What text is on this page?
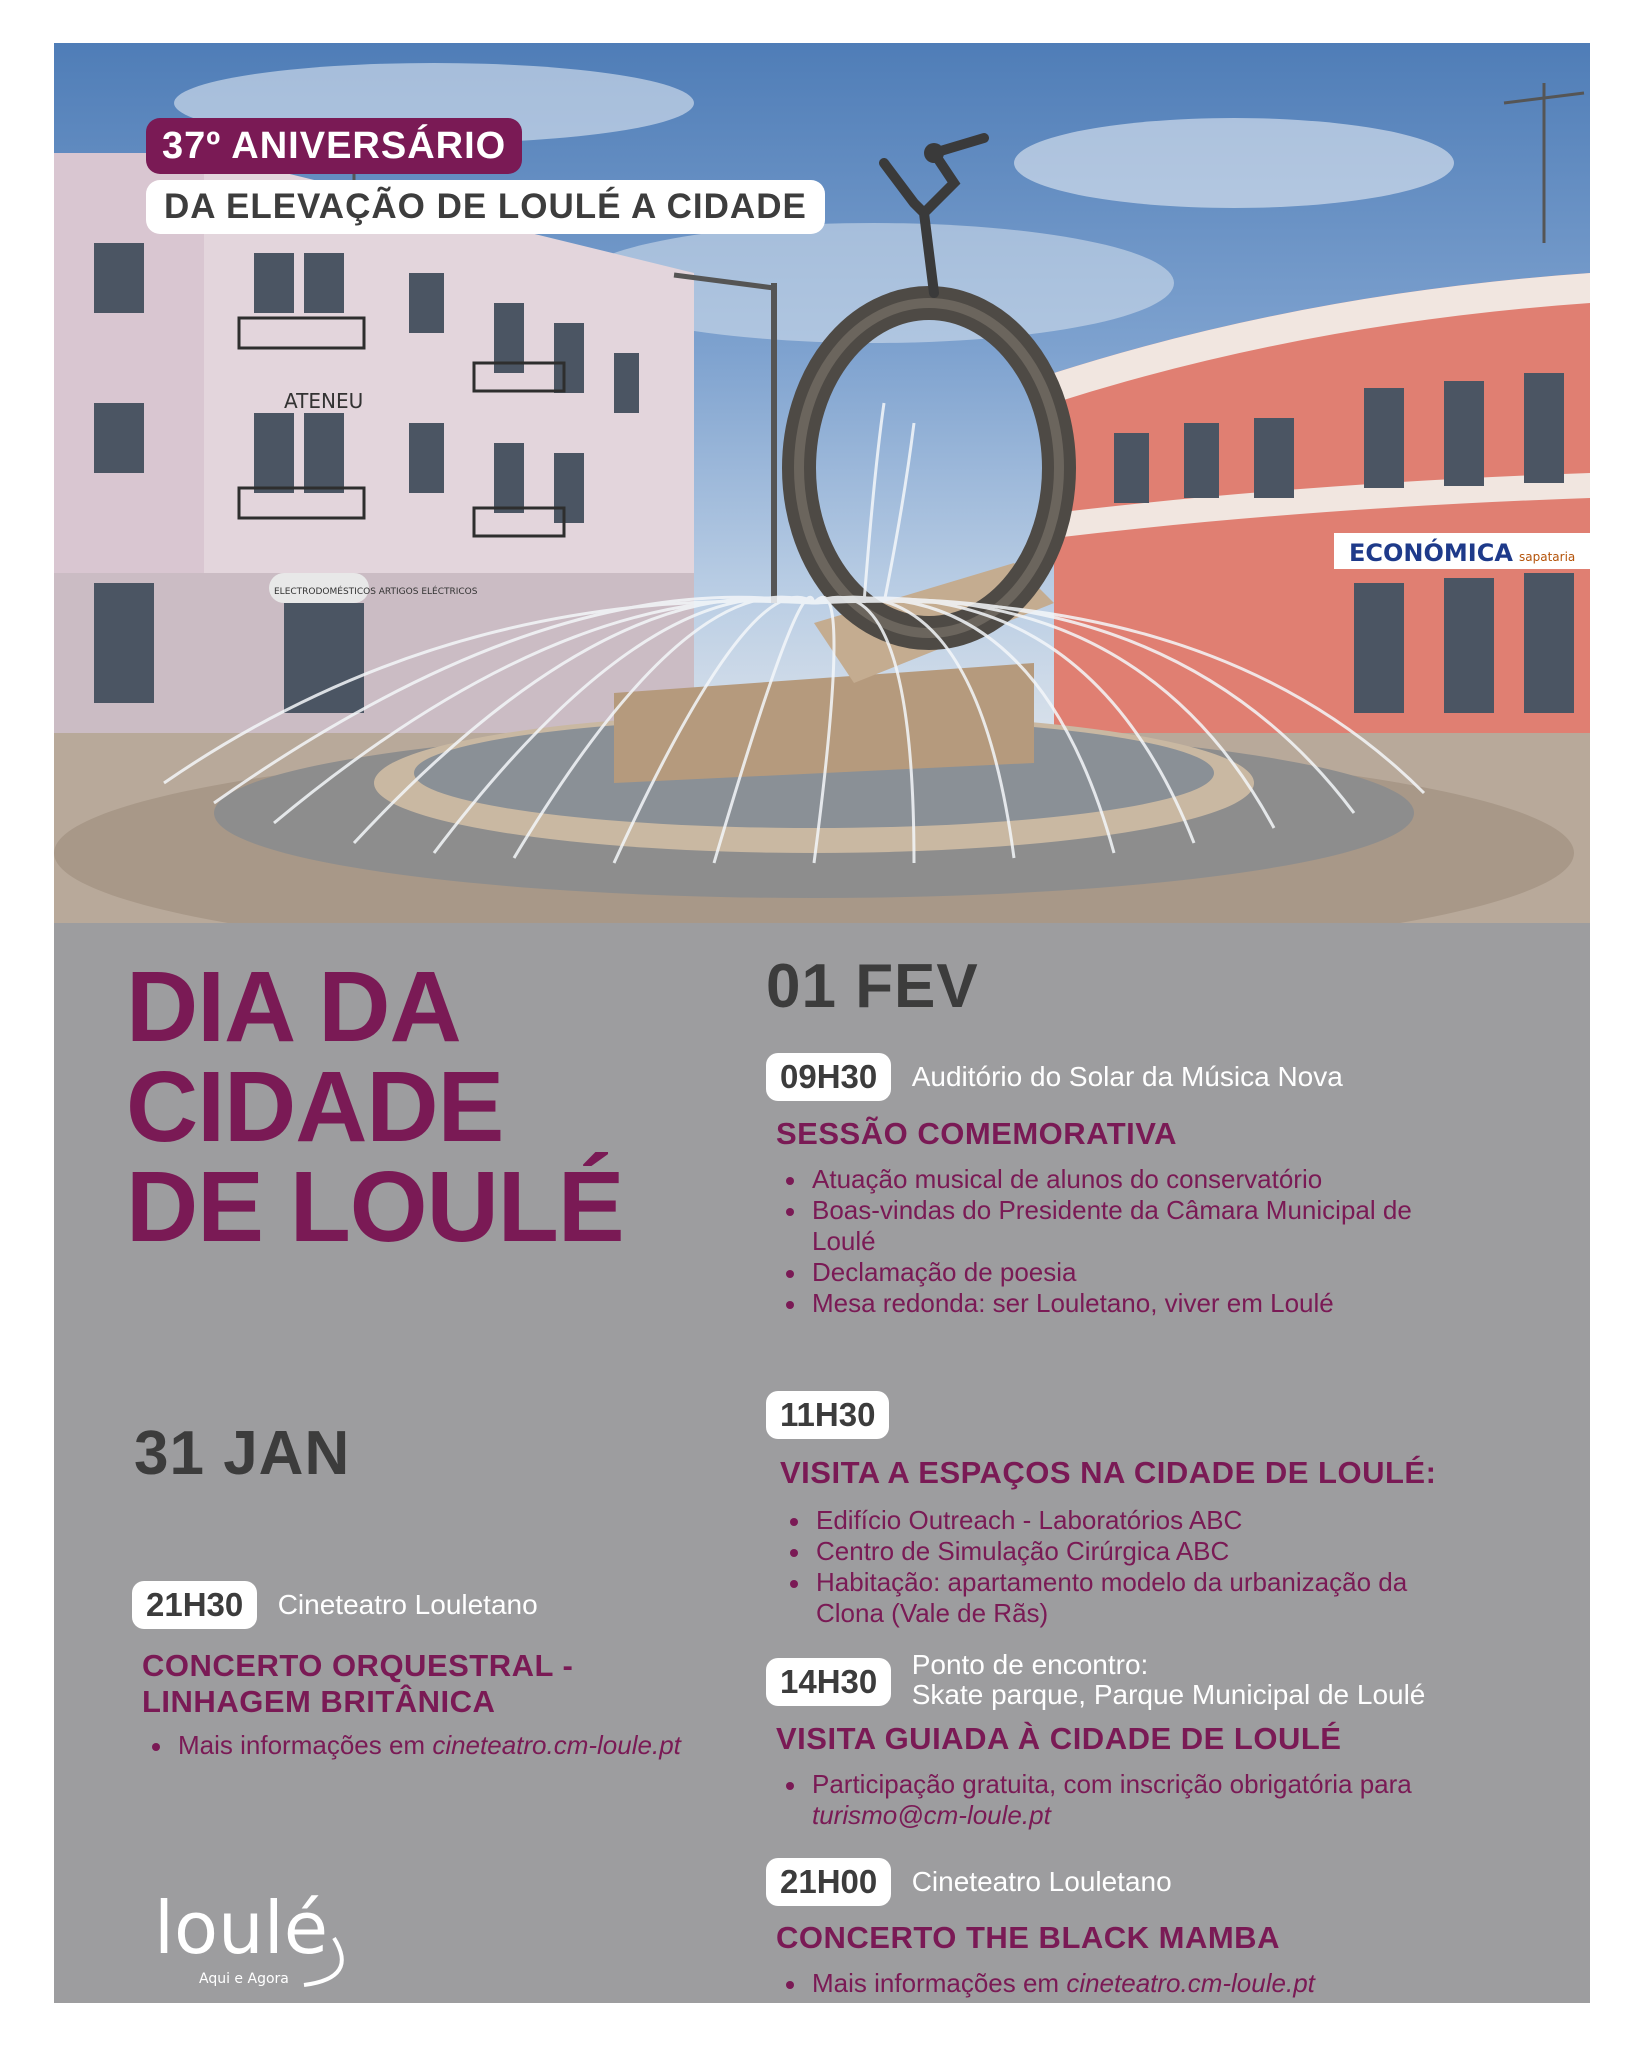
ATENEU
ELECTRODOMÉSTICOS ARTIGOS ELÉCTRICOS
ECONÓMICA sapataria
37º ANIVERSÁRIO
DA ELEVAÇÃO DE LOULÉ A CIDADE
DIA DA
CIDADE
DE LOULÉ
31 JAN
21H30 Cineteatro Louletano

CONCERTO ORQUESTRAL -
LINHAGEM BRITÂNICA

Mais informações em cineteatro.cm-loule.pt
01 FEV
09H30 Auditório do Solar da Música Nova

SESSÃO COMEMORATIVA

Atuação musical de alunos do conservatório
Boas-vindas do Presidente da Câmara Municipal de
Loulé
Declamação de poesia
Mesa redonda: ser Louletano, viver em Loulé
11H30

VISITA A ESPAÇOS NA CIDADE DE LOULÉ:

Edifício Outreach - Laboratórios ABC
Centro de Simulação Cirúrgica ABC
Habitação: apartamento modelo da urbanização da
Clona (Vale de Rãs)
14H30 Ponto de encontro:
Skate parque, Parque Municipal de Loulé

VISITA GUIADA À CIDADE DE LOULÉ

Participação gratuita, com inscrição obrigatória para
turismo@cm-loule.pt
21H00 Cineteatro Louletano

CONCERTO THE BLACK MAMBA

Mais informações em cineteatro.cm-loule.pt
loulé
Aqui e Agora
